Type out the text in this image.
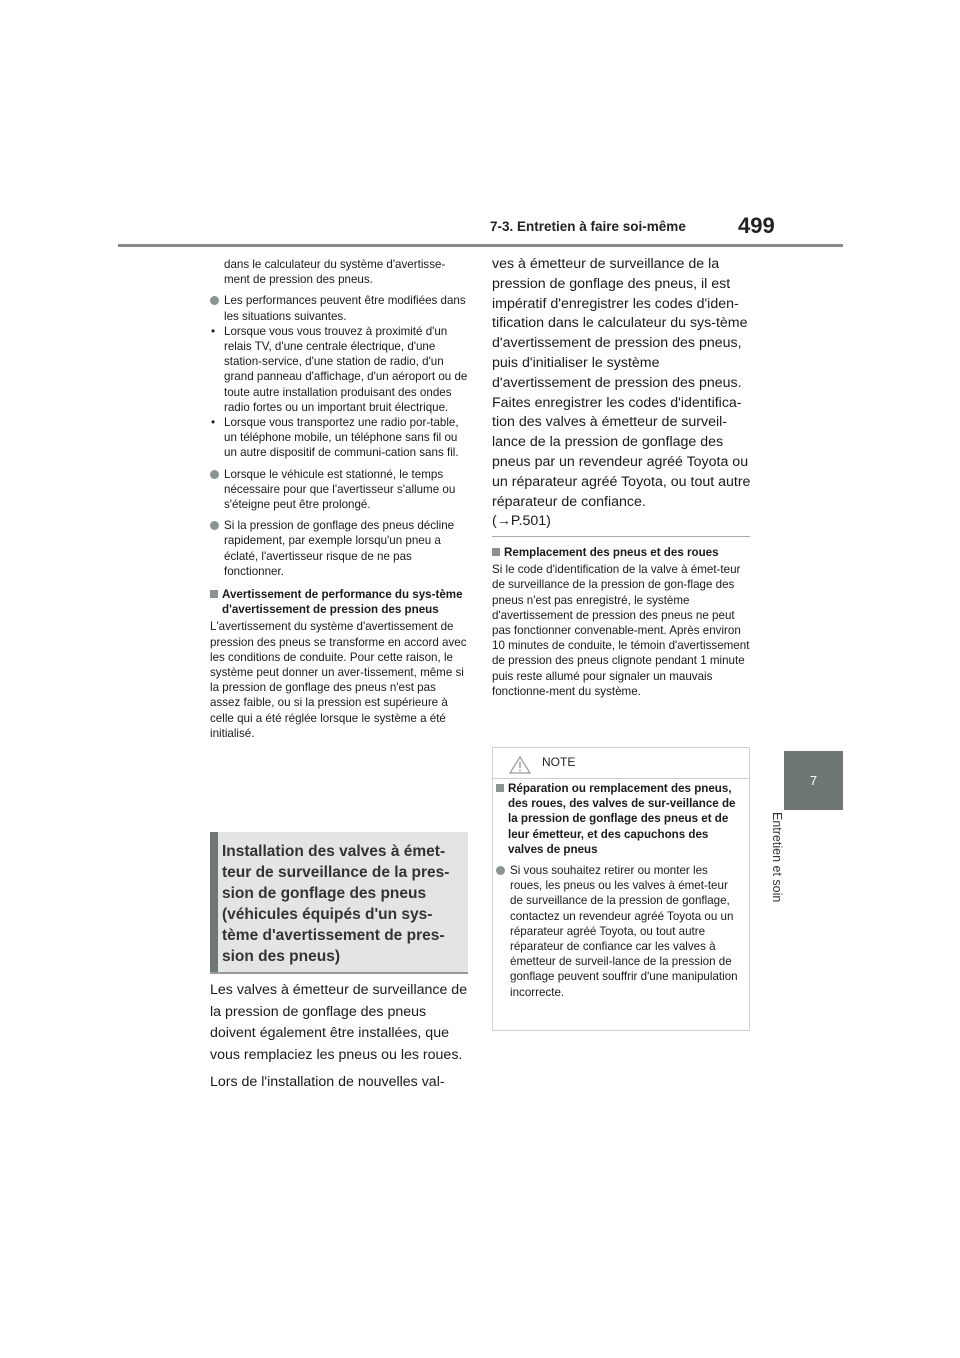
7-3. Entretien à faire soi-même 499
7
Entretien et soin
dans le calculateur du système d'avertisse-ment de pression des pneus.
Les performances peuvent être modifiées dans les situations suivantes.
• Lorsque vous vous trouvez à proximité d'un relais TV, d'une centrale électrique, d'une station-service, d'une station de radio, d'un grand panneau d'affichage, d'un aéroport ou de toute autre installation produisant des ondes radio fortes ou un important bruit électrique.
• Lorsque vous transportez une radio por-table, un téléphone mobile, un téléphone sans fil ou un autre dispositif de communi-cation sans fil.
Lorsque le véhicule est stationné, le temps nécessaire pour que l'avertisseur s'allume ou s'éteigne peut être prolongé.
Si la pression de gonflage des pneus décline rapidement, par exemple lorsqu'un pneu a éclaté, l'avertisseur risque de ne pas fonctionner.
Avertissement de performance du sys-tème d'avertissement de pression des pneus
L'avertissement du système d'avertissement de pression des pneus se transforme en accord avec les conditions de conduite. Pour cette raison, le système peut donner un aver-tissement, même si la pression de gonflage des pneus n'est pas assez faible, ou si la pression est supérieure à celle qui a été réglée lorsque le système a été initialisé.
Installation des valves à émet-teur de surveillance de la pres-sion de gonflage des pneus (véhicules équipés d'un sys-tème d'avertissement de pres-sion des pneus)

Les valves à émetteur de surveillance de la pression de gonflage des pneus doivent également être installées, que vous remplaciez les pneus ou les roues.

Lors de l'installation de nouvelles val-

ves à émetteur de surveillance de la pression de gonflage des pneus, il est impératif d'enregistrer les codes d'iden-tification dans le calculateur du sys-tème d'avertissement de pression des pneus, puis d'initialiser le système d'avertissement de pression des pneus. Faites enregistrer les codes d'identifica-tion des valves à émetteur de surveil-lance de la pression de gonflage des pneus par un revendeur agréé Toyota ou un réparateur agréé Toyota, ou tout autre réparateur de confiance.

(→P.501)

Remplacement des pneus et des roues
Si le code d'identification de la valve à émet-teur de surveillance de la pression de gon-flage des pneus n'est pas enregistré, le système d'avertissement de pression des pneus ne peut pas fonctionner convenable-ment. Après environ 10 minutes de conduite, le témoin d'avertissement de pression des pneus clignote pendant 1 minute puis reste allumé pour signaler un mauvais fonctionne-ment du système.
NOTE
Réparation ou remplacement des pneus, des roues, des valves de sur-veillance de la pression de gonflage des pneus et de leur émetteur, et des capuchons des valves de pneus
Si vous souhaitez retirer ou monter les roues, les pneus ou les valves à émet-teur de surveillance de la pression de gonflage, contactez un revendeur agréé Toyota ou un réparateur agréé Toyota, ou tout autre réparateur de confiance car les valves à émetteur de surveil-lance de la pression de gonflage peuvent souffrir d'une manipulation incorrecte.
